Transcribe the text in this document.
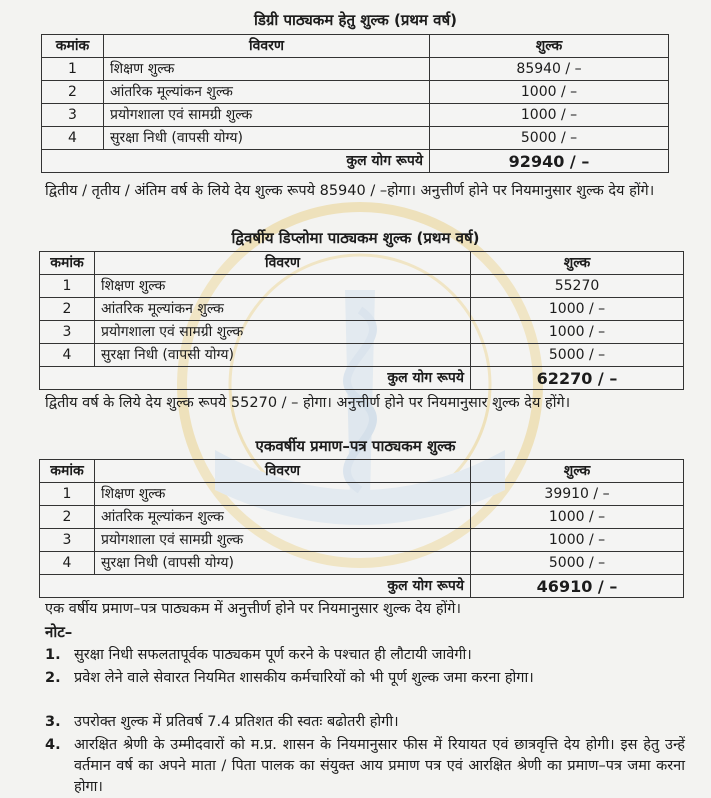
डिग्री पाठ्यकम हेतु शुल्क (प्रथम वर्ष)
कमांक	विवरण	शुल्क
1	शिक्षण शुल्क	85940 / –
2	आंतरिक मूल्यांकन शुल्क	1000 / –
3	प्रयोगशाला एवं सामग्री शुल्क	1000 / –
4	सुरक्षा निधी (वापसी योग्य)	5000 / –
कुल योग रूपये		92940 / –
द्वितीय / तृतीय / अंतिम वर्ष के लिये देय शुल्क रूपये 85940 / –होगा। अनुत्तीर्ण होने पर नियमानुसार शुल्क देय होंगे।
द्विवर्षीय डिप्लोमा पाठ्यकम शुल्क (प्रथम वर्ष)
कमांक	विवरण	शुल्क
1	शिक्षण शुल्क	55270
2	आंतरिक मूल्यांकन शुल्क	1000 / –
3	प्रयोगशाला एवं सामग्री शुल्क	1000 / –
4	सुरक्षा निधी (वापसी योग्य)	5000 / –
कुल योग रूपये		62270 / –
द्वितीय वर्ष के लिये देय शुल्क रूपये 55270 / – होगा। अनुत्तीर्ण होने पर नियमानुसार शुल्क देय होंगे।
एकवर्षीय प्रमाण–पत्र पाठ्यकम शुल्क
कमांक	विवरण	शुल्क
1	शिक्षण शुल्क	39910 / –
2	आंतरिक मूल्यांकन शुल्क	1000 / –
3	प्रयोगशाला एवं सामग्री शुल्क	1000 / –
4	सुरक्षा निधी (वापसी योग्य)	5000 / –
कुल योग रूपये		46910 / –
एक वर्षीय प्रमाण–पत्र पाठ्यकम में अनुत्तीर्ण होने पर नियमानुसार शुल्क देय होंगे।
नोट–
1. सुरक्षा निधी सफलतापूर्वक पाठ्यकम पूर्ण करने के पश्चात ही लौटायी जावेगी।
2. प्रवेश लेने वाले सेवारत नियमित शासकीय कर्मचारियों को भी पूर्ण शुल्क जमा करना होगा।
3. उपरोक्त शुल्क में प्रतिवर्ष 7.4 प्रतिशत की स्वतः बढोतरी होगी।
4. आरक्षित श्रेणी के उम्मीदवारों को म.प्र. शासन के नियमानुसार फीस में रियायत एवं छात्रवृत्ति देय होगी। इस हेतु उन्हें वर्तमान वर्ष का अपने माता / पिता पालक का संयुक्त आय प्रमाण पत्र एवं आरक्षित श्रेणी का प्रमाण–पत्र जमा करना होगा।
